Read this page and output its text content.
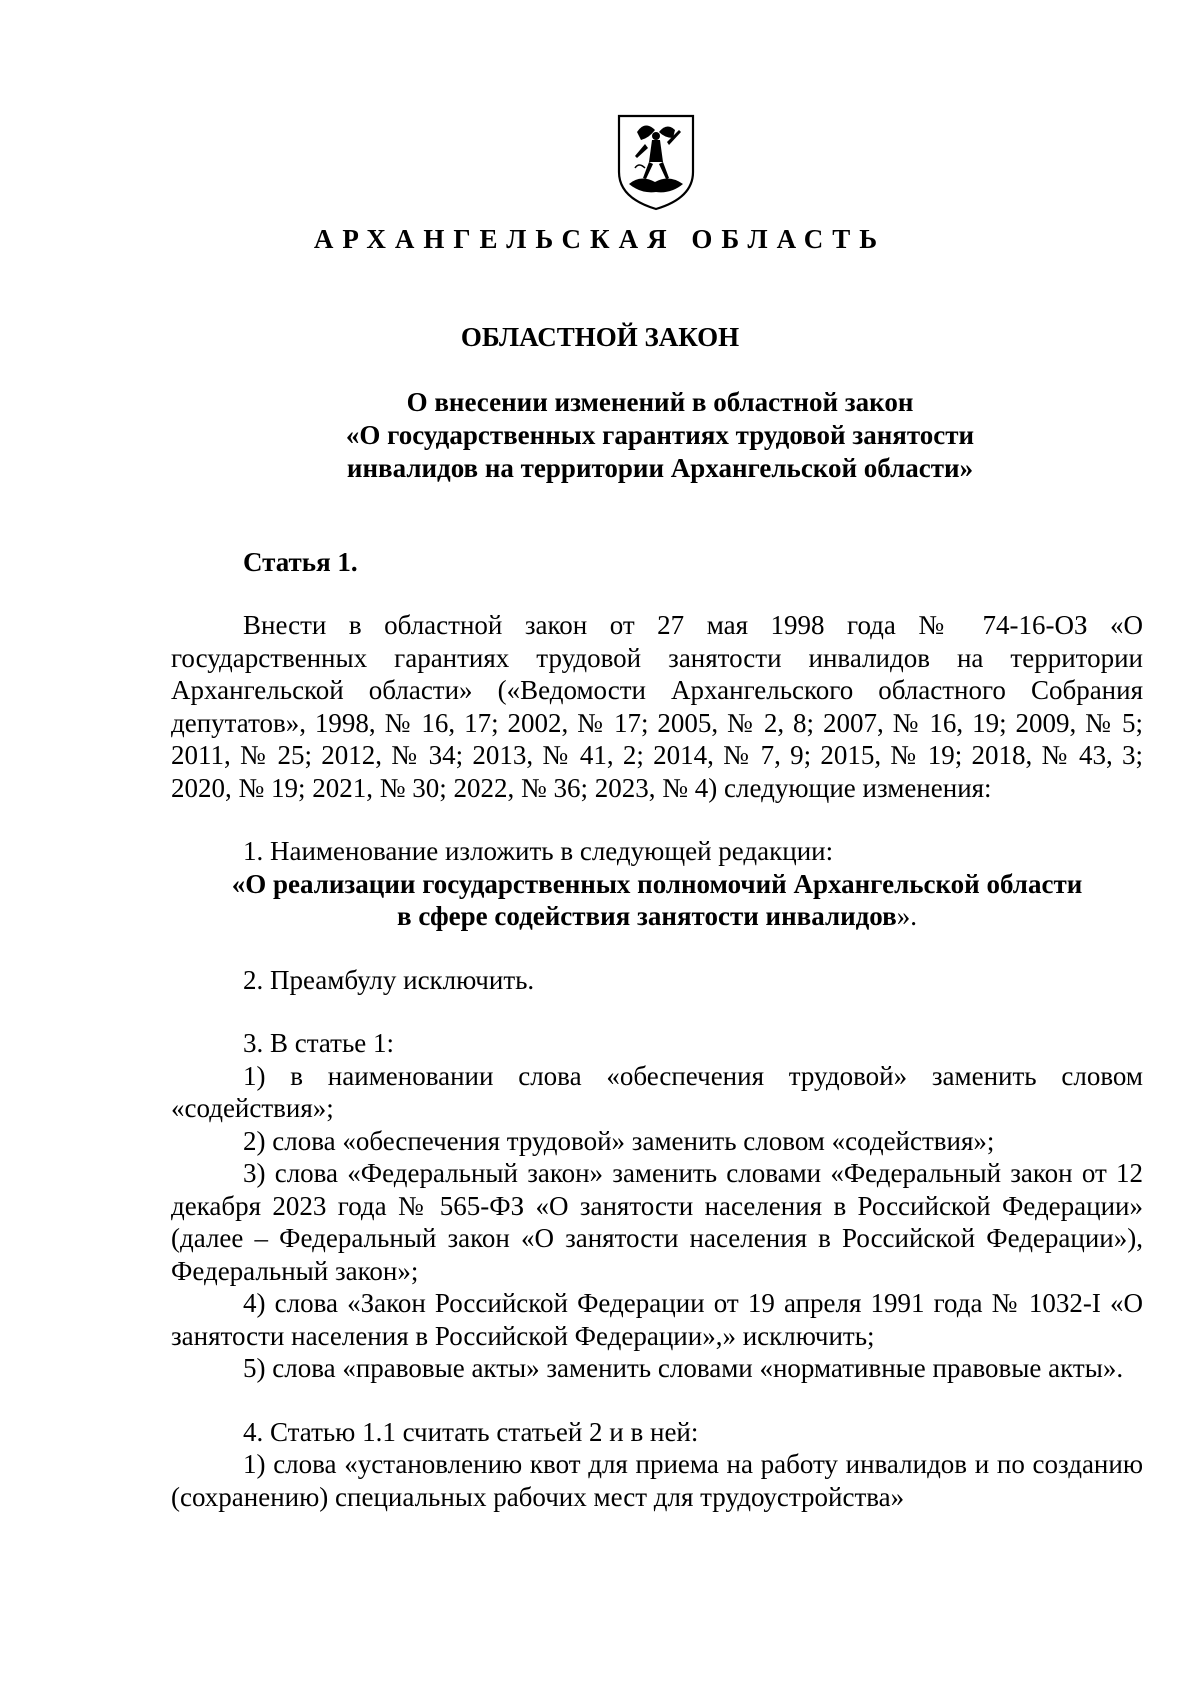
АРХАНГЕЛЬСКАЯ ОБЛАСТЬ
ОБЛАСТНОЙ ЗАКОН
О внесении изменений в областной закон
«О государственных гарантиях трудовой занятости
инвалидов на территории Архангельской области»
Статья 1.

Внести в областной закон от 27 мая 1998 года № 74-16-ОЗ «О государственных гарантиях трудовой занятости инвалидов на территории Архангельской области» («Ведомости Архангельского областного Собрания депутатов», 1998, № 16, 17; 2002, № 17; 2005, № 2, 8; 2007, № 16, 19; 2009, № 5; 2011, № 25; 2012, № 34; 2013, № 41, 2; 2014, № 7, 9; 2015, № 19; 2018, № 43, 3; 2020, № 19; 2021, № 30; 2022, № 36; 2023, № 4) следующие изменения:

1. Наименование изложить в следующей редакции:

«О реализации государственных полномочий Архангельской области

в сфере содействия занятости инвалидов».

2. Преамбулу исключить.

3. В статье 1:

1) в наименовании слова «обеспечения трудовой» заменить словом «содействия»;

2) слова «обеспечения трудовой» заменить словом «содействия»;

3) слова «Федеральный закон» заменить словами «Федеральный закон от 12 декабря 2023 года № 565-ФЗ «О занятости населения в Российской Федерации» (далее – Федеральный закон «О занятости населения в Российской Федерации»), Федеральный закон»;

4) слова «Закон Российской Федерации от 19 апреля 1991 года № 1032-I «О занятости населения в Российской Федерации»,» исключить;

5) слова «правовые акты» заменить словами «нормативные правовые акты».

4. Статью 1.1 считать статьей 2 и в ней:

1) слова «установлению квот для приема на работу инвалидов и по созданию (сохранению) специальных рабочих мест для трудоустройства»
